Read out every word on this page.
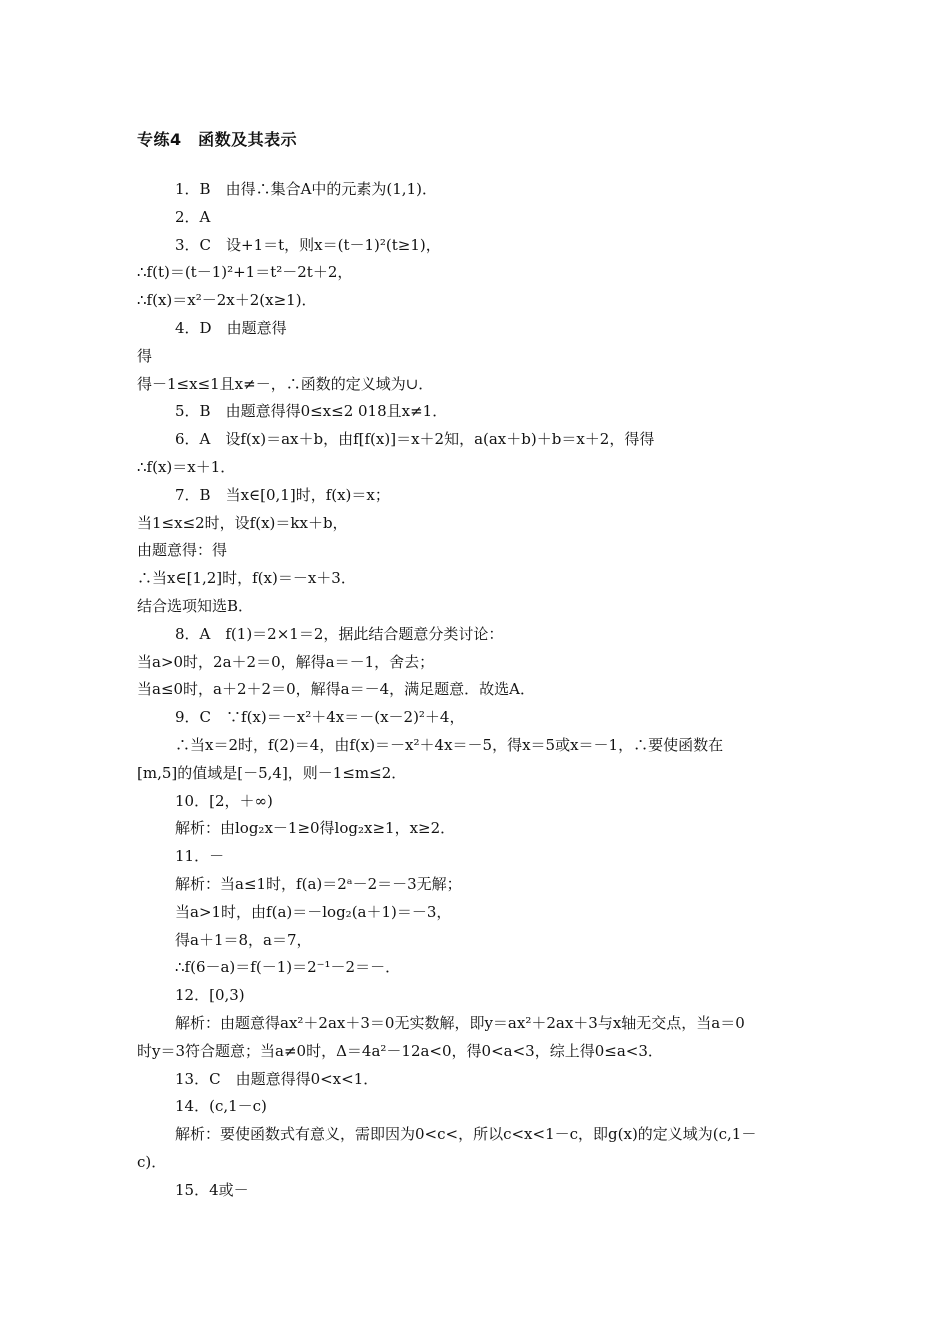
专练4　函数及其表示
1．B　由得∴集合A中的元素为(1,1)．
2．A
3．C　设+1＝t，则x＝(t－1)²(t≥1)，
∴f(t)＝(t－1)²+1＝t²－2t＋2，
∴f(x)＝x²－2x＋2(x≥1)．
4．D　由题意得
得
得－1≤x≤1且x≠－，∴函数的定义域为∪．
5．B　由题意得得0≤x≤2 018且x≠1．
6．A　设f(x)＝ax＋b，由f[f(x)]＝x＋2知，a(ax＋b)＋b＝x＋2，得得
∴f(x)＝x＋1．
7．B　当x∈[0,1]时，f(x)＝x；
当1≤x≤2时，设f(x)＝kx＋b，
由题意得：得
∴当x∈[1,2]时，f(x)＝－x＋3．
结合选项知选B．
8．A　f(1)＝2×1＝2，据此结合题意分类讨论：
当a>0时，2a＋2＝0，解得a＝－1，舍去；
当a≤0时，a＋2＋2＝0，解得a＝－4，满足题意．故选A．
9．C　∵f(x)＝－x²＋4x＝－(x－2)²＋4，
∴当x＝2时，f(2)＝4，由f(x)＝－x²＋4x＝－5，得x＝5或x＝－1，∴要使函数在
[m,5]的值域是[－5,4]，则－1≤m≤2．
10．[2，＋∞)
解析：由log₂x－1≥0得log₂x≥1，x≥2．
11．－
解析：当a≤1时，f(a)＝2ᵃ－2＝－3无解；
当a>1时，由f(a)＝－log₂(a＋1)＝－3，
得a＋1＝8，a＝7，
∴f(6－a)＝f(－1)＝2⁻¹－2＝－．
12．[0,3)
解析：由题意得ax²＋2ax＋3＝0无实数解，即y＝ax²＋2ax＋3与x轴无交点，当a＝0
时y＝3符合题意；当a≠0时，Δ＝4a²－12a<0，得0<a<3，综上得0≤a<3．
13．C　由题意得得0<x<1．
14．(c,1－c)
解析：要使函数式有意义，需即因为0<c<，所以c<x<1－c，即g(x)的定义域为(c,1－
c)．
15．4或－
